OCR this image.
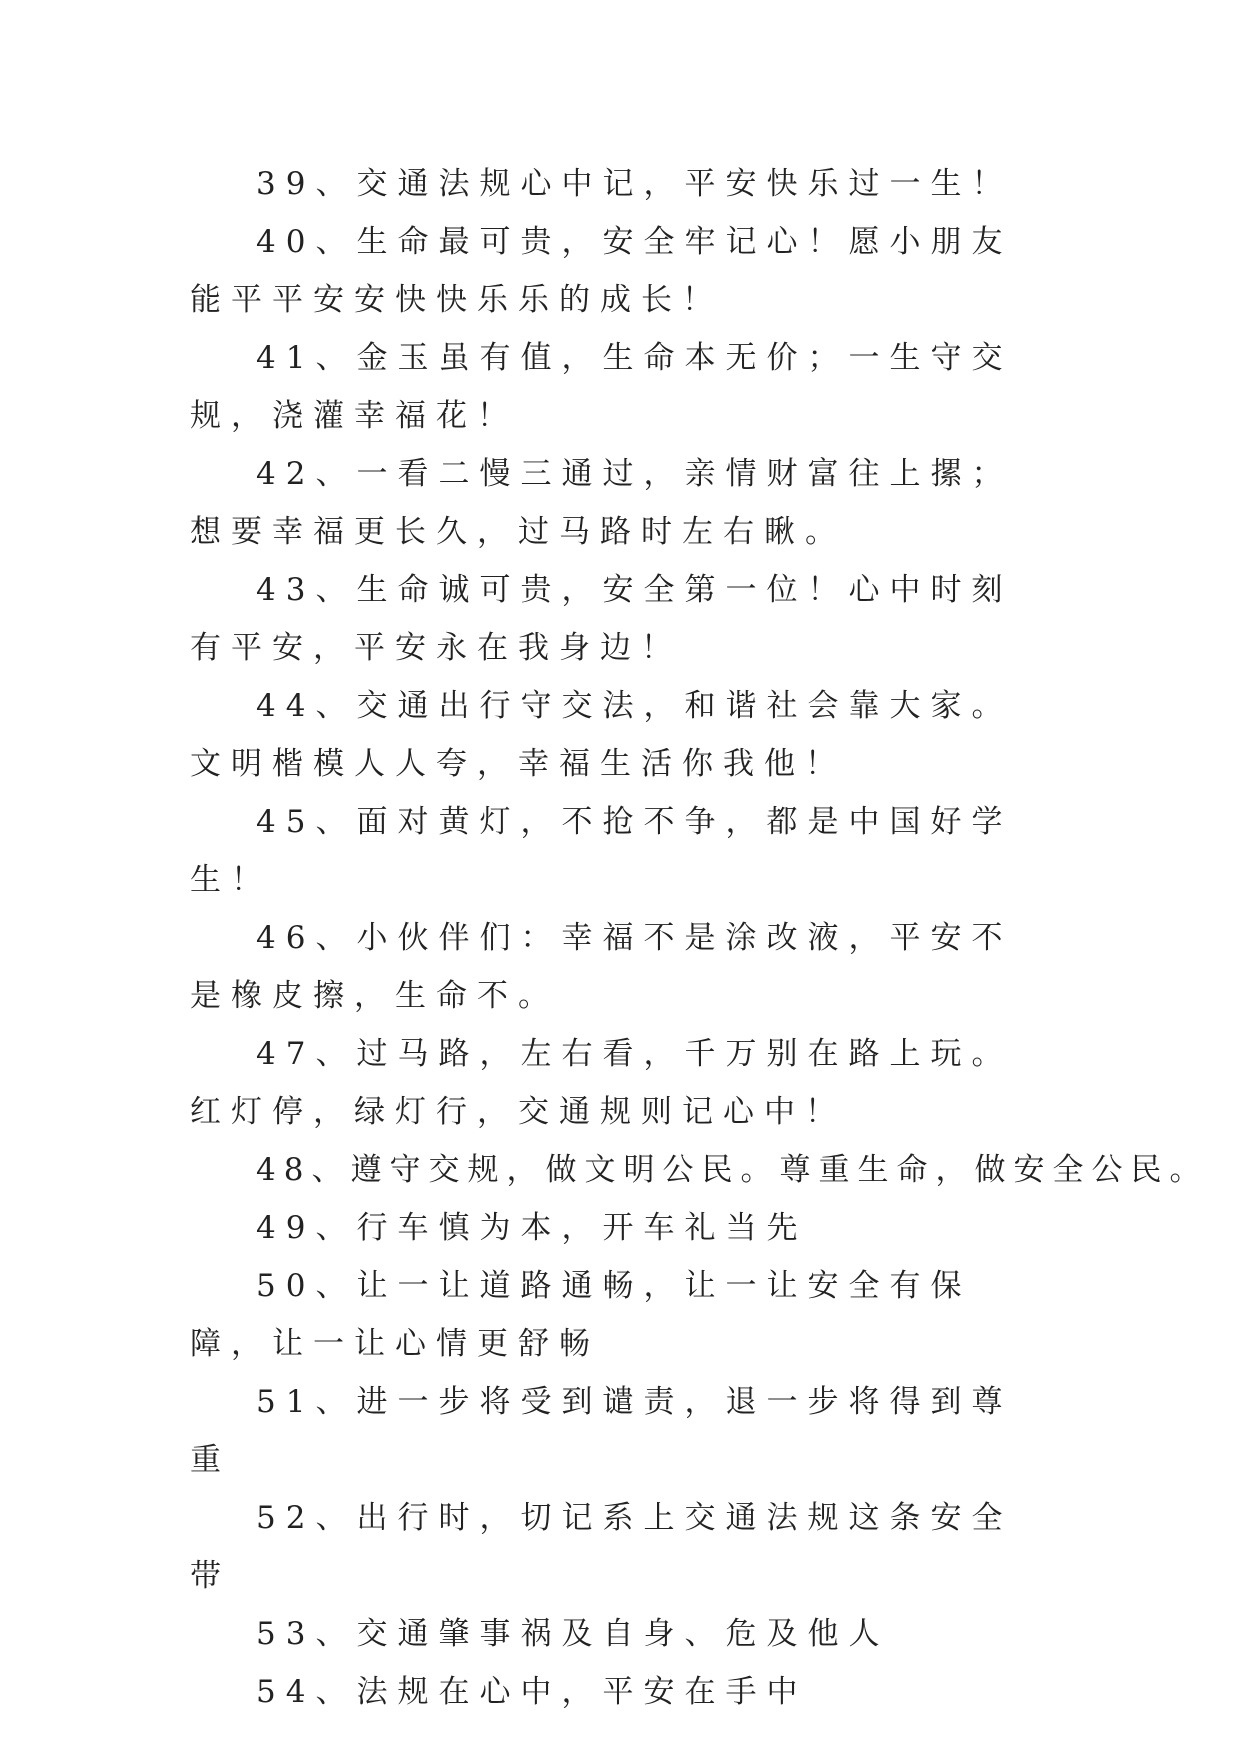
39、交通法规心中记，平安快乐过一生！

40、生命最可贵，安全牢记心！愿小朋友能平平安安快快乐乐的成长！

41、金玉虽有值，生命本无价；一生守交规，浇灌幸福花！

42、一看二慢三通过，亲情财富往上摞；想要幸福更长久，过马路时左右瞅。

43、生命诚可贵，安全第一位！心中时刻有平安，平安永在我身边！

44、交通出行守交法，和谐社会靠大家。文明楷模人人夸，幸福生活你我他！

45、面对黄灯，不抢不争，都是中国好学生！

46、小伙伴们：幸福不是涂改液，平安不是橡皮擦，生命不。

47、过马路，左右看，千万别在路上玩。红灯停，绿灯行，交通规则记心中！

48、遵守交规，做文明公民。尊重生命，做安全公民。

49、行车慎为本，开车礼当先

50、让一让道路通畅，让一让安全有保障，让一让心情更舒畅

51、进一步将受到谴责，退一步将得到尊重

52、出行时，切记系上交通法规这条安全带

53、交通肇事祸及自身、危及他人

54、法规在心中，平安在手中
